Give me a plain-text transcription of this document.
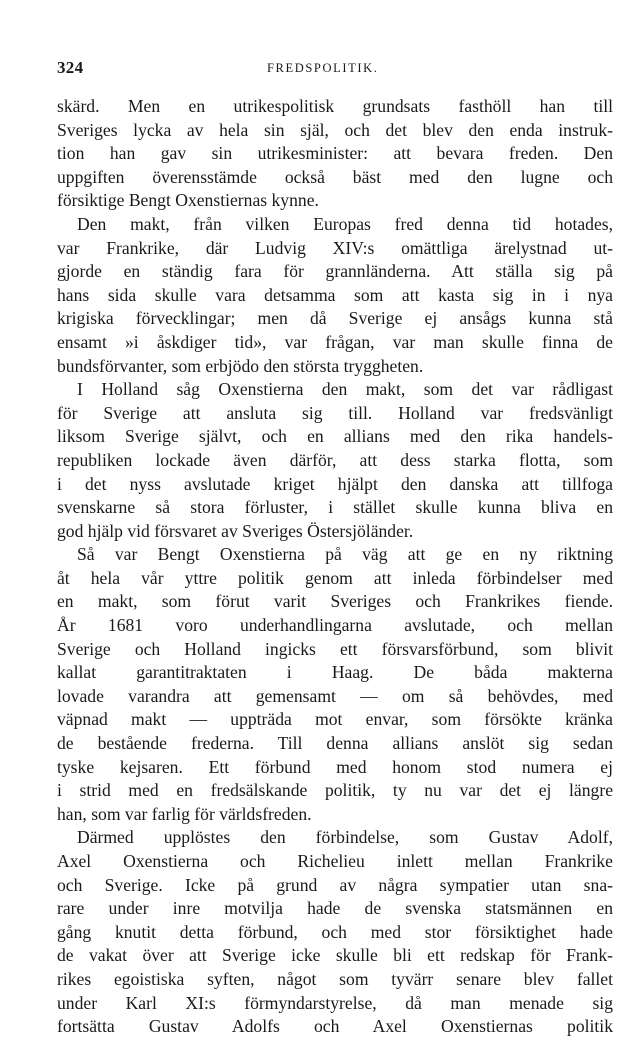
324	FREDSPOLITIK.
skärd. Men en utrikespolitisk grundsats fasthöll han till
Sveriges lycka av hela sin själ, och det blev den enda instruk-
tion han gav sin utrikesminister: att bevara freden. Den
uppgiften överensstämde också bäst med den lugne och
försiktige Bengt Oxenstiernas kynne.
Den makt, från vilken Europas fred denna tid hotades,
var Frankrike, där Ludvig XIV:s omättliga ärelystnad ut-
gjorde en ständig fara för grannländerna. Att ställa sig på
hans sida skulle vara detsamma som att kasta sig in i nya
krigiska förvecklingar; men då Sverige ej ansågs kunna stå
ensamt »i åskdiger tid», var frågan, var man skulle finna de
bundsförvanter, som erbjödo den största tryggheten.
I Holland såg Oxenstierna den makt, som det var rådligast
för Sverige att ansluta sig till. Holland var fredsvänligt
liksom Sverige självt, och en allians med den rika handels-
republiken lockade även därför, att dess starka flotta, som
i det nyss avslutade kriget hjälpt den danska att tillfoga
svenskarne så stora förluster, i stället skulle kunna bliva en
god hjälp vid försvaret av Sveriges Östersjöländer.
Så var Bengt Oxenstierna på väg att ge en ny riktning
åt hela vår yttre politik genom att inleda förbindelser med
en makt, som förut varit Sveriges och Frankrikes fiende.
År 1681 voro underhandlingarna avslutade, och mellan
Sverige och Holland ingicks ett försvarsförbund, som blivit
kallat garantitraktaten i Haag. De båda makterna
lovade varandra att gemensamt — om så behövdes, med
väpnad makt — uppträda mot envar, som försökte kränka
de bestående frederna. Till denna allians anslöt sig sedan
tyske kejsaren. Ett förbund med honom stod numera ej
i strid med en fredsälskande politik, ty nu var det ej längre
han, som var farlig för världsfreden.
Därmed upplöstes den förbindelse, som Gustav Adolf,
Axel Oxenstierna och Richelieu inlett mellan Frankrike
och Sverige. Icke på grund av några sympatier utan sna-
rare under inre motvilja hade de svenska statsmännen en
gång knutit detta förbund, och med stor försiktighet hade
de vakat över att Sverige icke skulle bli ett redskap för Frank-
rikes egoistiska syften, något som tyvärr senare blev fallet
under Karl XI:s förmyndarstyrelse, då man menade sig
fortsätta Gustav Adolfs och Axel Oxenstiernas politik
